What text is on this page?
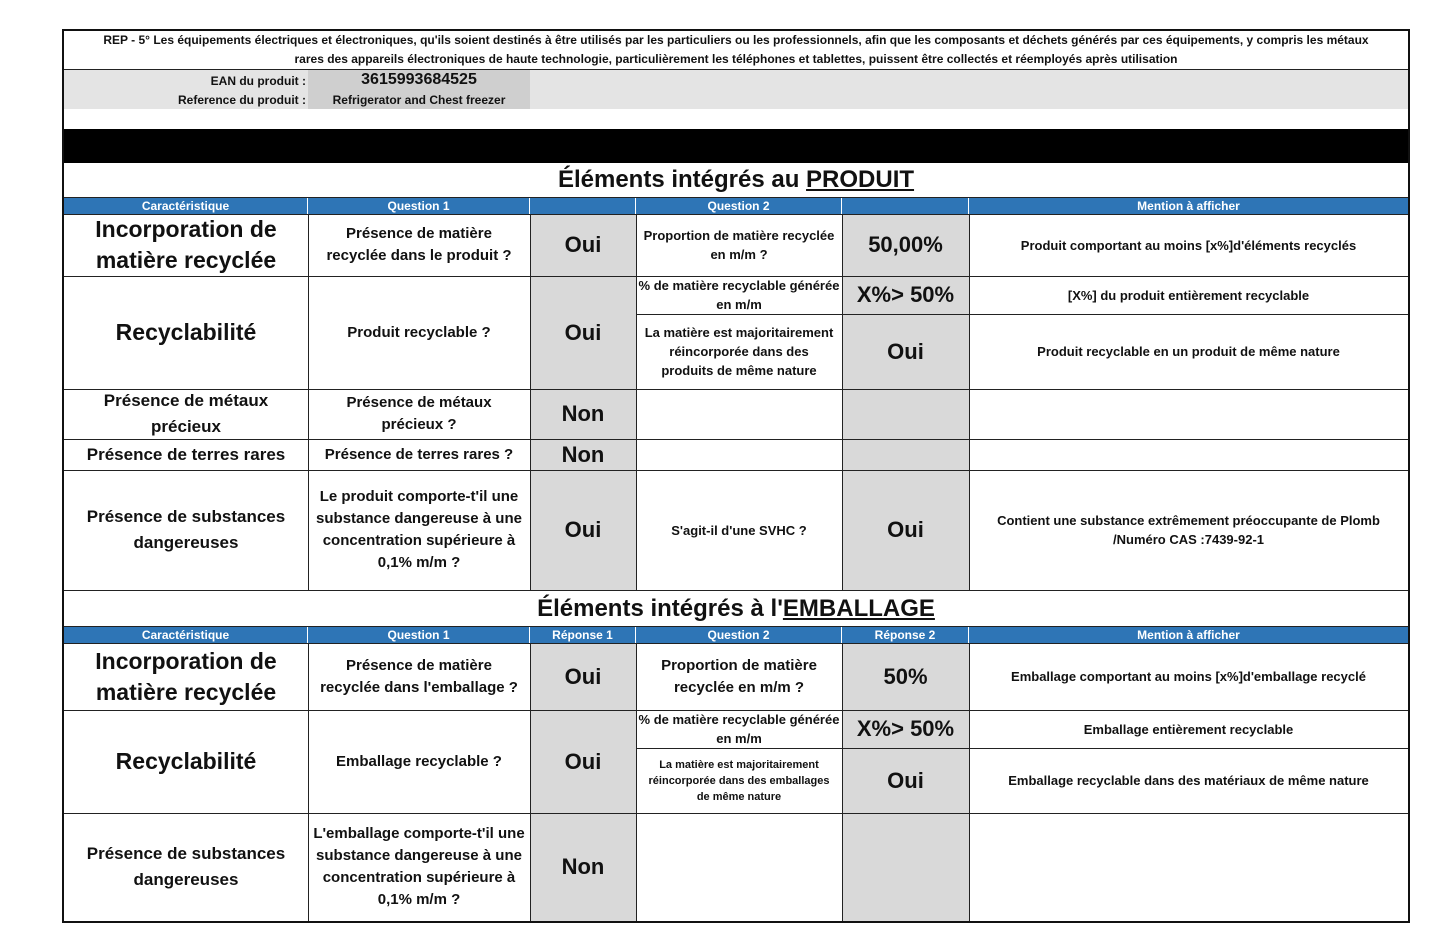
REP - 5° Les équipements électriques et électroniques, qu'ils soient destinés à être utilisés par les particuliers ou les professionnels, afin que les composants et déchets générés par ces équipements, y compris les métaux
rares des appareils électroniques de haute technologie, particulièrement les téléphones et tablettes, puissent être collectés et réemployés après utilisation
EAN du produit :
Reference du produit :
3615993684525
Refrigerator and Chest freezer
Éléments intégrés au PRODUIT
Caractéristique	Question 1	Question 2	Mention à afficher
Incorporation de
matière recyclée
Présence de matière recyclée dans le produit ?	Oui	Proportion de matière recyclée en m/m ?	50,00%	Produit comportant au moins [x%]d'éléments recyclés
Recyclabilité	Produit recyclable ?	Oui
% de matière recyclable générée en m/m	X%> 50%	[X%] du produit entièrement recyclable
La matière est majoritairement réincorporée dans des produits de même nature
Oui	Produit recyclable en un produit de même nature
Présence de métaux
précieux
Présence de métaux précieux ?	Non
Présence de terres rares	Présence de terres rares ?	Non
Présence de substances
dangereuses
Le produit comporte-t'il une substance dangereuse à une concentration supérieure à 0,1% m/m ?
Oui	S'agit-il d'une SVHC ?	Oui	Contient une substance extrêmement préoccupante de Plomb
/Numéro CAS :7439-92-1
Éléments intégrés à l' EMBALLAGE
Caractéristique	Question 1	Réponse 1	Question 2	Réponse 2	Mention à afficher
Incorporation de
matière recyclée
Présence de matière recyclée dans l'emballage ?	Oui	Proportion de matière recyclée en m/m ?	50%	Emballage comportant au moins [x%]d'emballage recyclé
Recyclabilité	Emballage recyclable ?	Oui
% de matière recyclable générée en m/m	X%> 50%	Emballage entièrement recyclable
La matière est majoritairement réincorporée dans des emballages de même nature
Oui	Emballage recyclable dans des matériaux de même nature
Présence de substances
dangereuses
L'emballage comporte-t'il une substance dangereuse à une concentration supérieure à 0,1% m/m ?
Non
